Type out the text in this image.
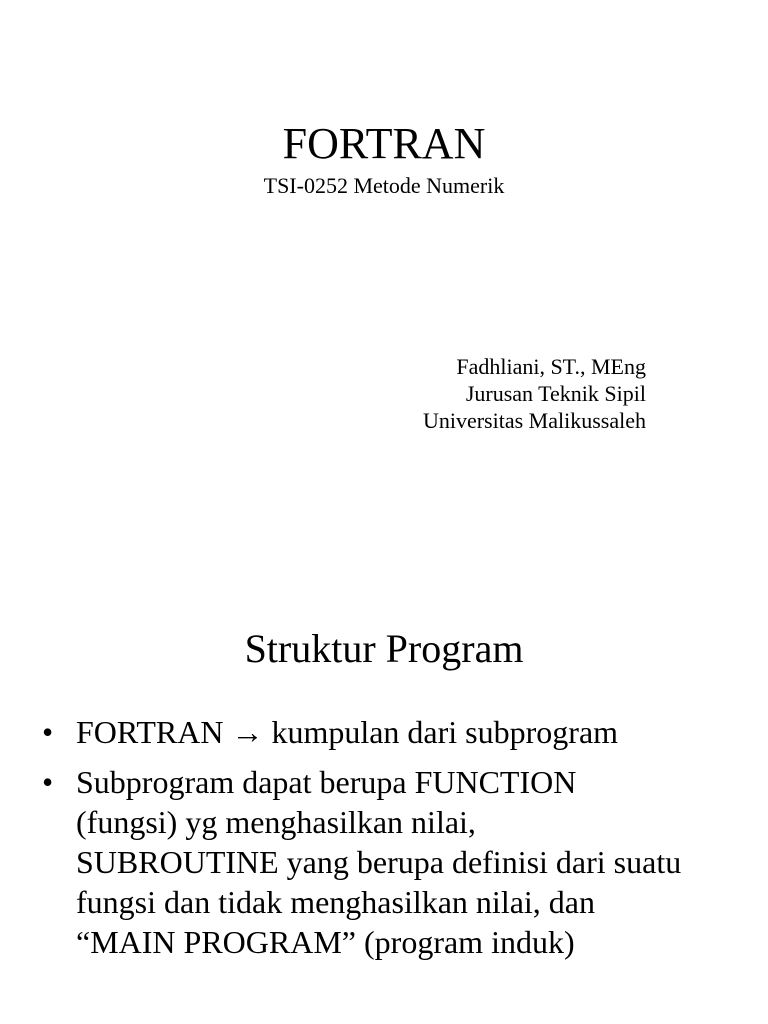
FORTRAN
TSI-0252 Metode Numerik
Fadhliani, ST., MEng
Jurusan Teknik Sipil
Universitas Malikussaleh
Struktur Program
• FORTRAN → kumpulan dari subprogram
• Subprogram dapat berupa FUNCTION (fungsi) yg menghasilkan nilai, SUBROUTINE yang berupa definisi dari suatu fungsi dan tidak menghasilkan nilai, dan “MAIN PROGRAM” (program induk)
